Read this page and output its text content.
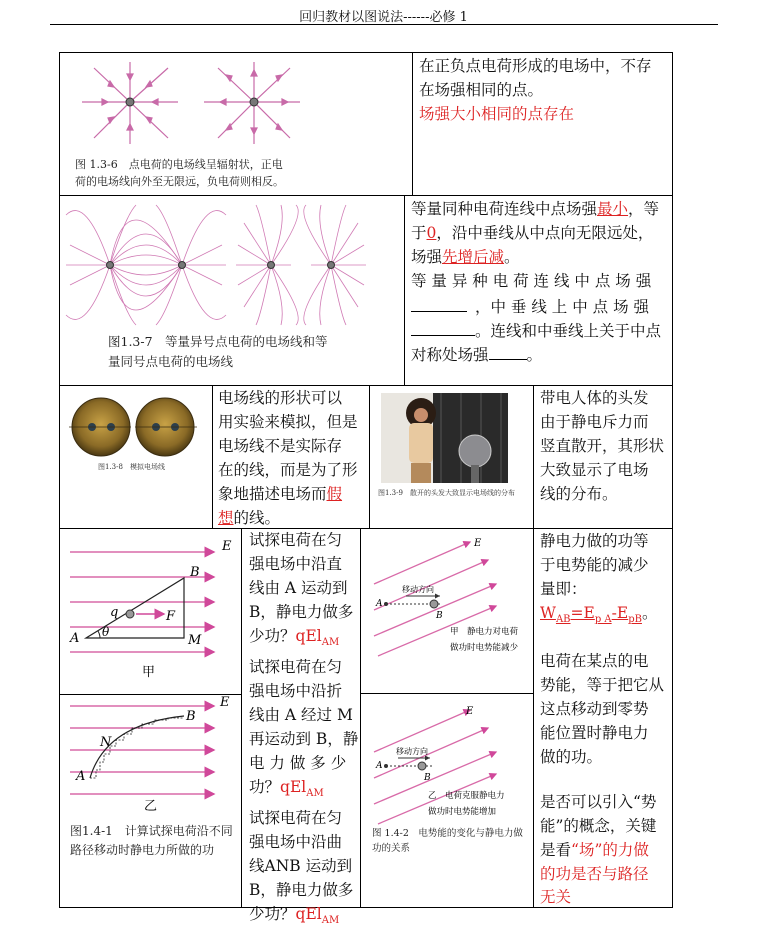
回归教材以图说法------必修 1
图 1.3-6　点电荷的电场线呈辐射状，正电
荷的电场线向外至无限远，负电荷则相反。
在正负点电荷形成的电场中，不存
在场强相同的点。
场强大小相同的点存在
图1.3-7　等量异号点电荷的电场线和等
量同号点电荷的电场线
等量同种电荷连线中点场强最小，等
于0，沿中垂线从中点向无限远处，
场强先增后减。
等 量 异 种 电 荷 连 线 中 点 场 强
，中 垂 线 上 中 点 场 强
。连线和中垂线上关于中点
对称处场强 。
图1.3-8　模拟电场线
电场线的形状可以
用实验来模拟，但是
电场线不是实际存
在的线，而是为了形
象地描述电场而假
想的线。
图1.3-9　散开的头发大致显示电场线的分布
带电人体的头发
由于静电斥力而
竖直散开，其形状
大致显示了电场
线的分布。
E
B
q	F
A θ
M
甲
E
B
N
A
乙
图1.4-1　计算试探电荷沿不同
路径移动时静电力所做的功
试探电荷在匀
强电场中沿直
线由 A 运动到
B，静电力做多
少功？qEl$_{AM}$
试探电荷在匀
强电场中沿折
线由 A 经过 M
再运动到 B，静
电 力 做 多 少
功？qEl$_{AM}$
试探电荷在匀
强电场中沿曲
线ANB 运动到
B，静电力做多
少功？qEl$_{AM}$
E
移动方向
A
B
甲　静电力对电荷
做功时电势能减少
E
移动方向
A
B
乙　电荷克服静电力
做功时电势能增加
图 1.4-2　电势能的变化与静电力做
功的关系
静电力做的功等
于电势能的减少
量即：
$W_{AB}=E_{p A}-E_{pB}$。
电荷在某点的电
势能，等于把它从
这点移动到零势
能位置时静电力
做的功。
是否可以引入“势
能”的概念，关键
是看“场”的力做
的功是否与路径
无关
